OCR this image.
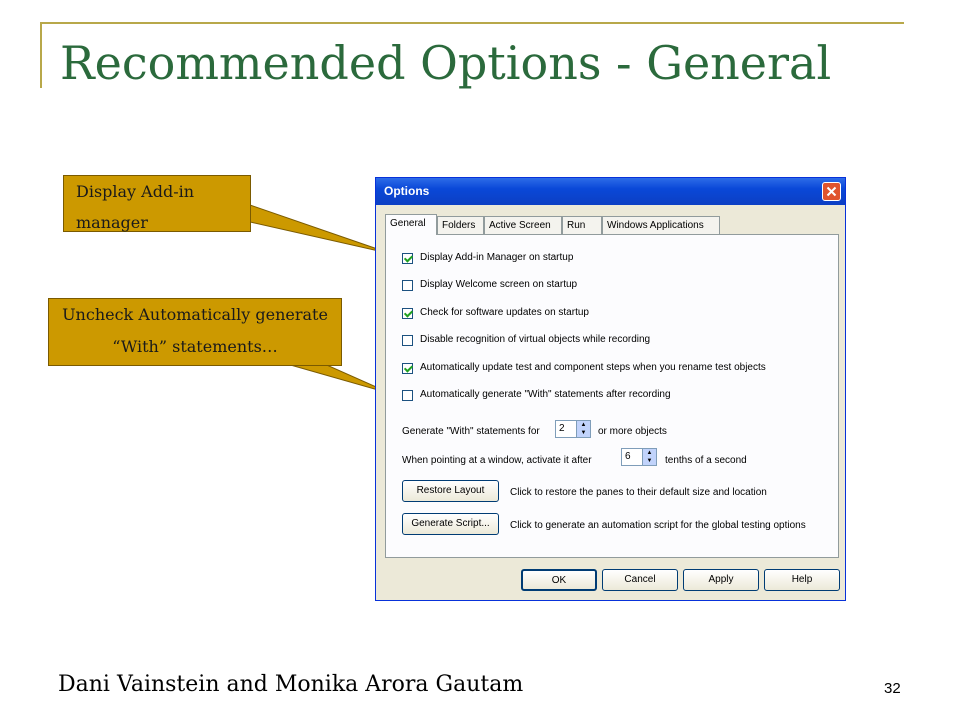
Recommended Options - General
Display Add-in
manager
Uncheck Automatically generate
“With” statements…
Options
General	Folders	Active Screen	Run	Windows Applications
Display Add-in Manager on startup
Display Welcome screen on startup
Check for software updates on startup
Disable recognition of virtual objects while recording
Automatically update test and component steps when you rename test objects
Automatically generate "With" statements after recording
Generate "With" statements for 2	▲
▼	or more objects
When pointing at a window, activate it after	6	▲
▼	tenths of a second
Restore Layout	Click to restore the panes to their default size and location
Generate Script...	Click to generate an automation script for the global testing options
OK	Cancel	Apply	Help
Dani Vainstein and Monika Arora Gautam	32
